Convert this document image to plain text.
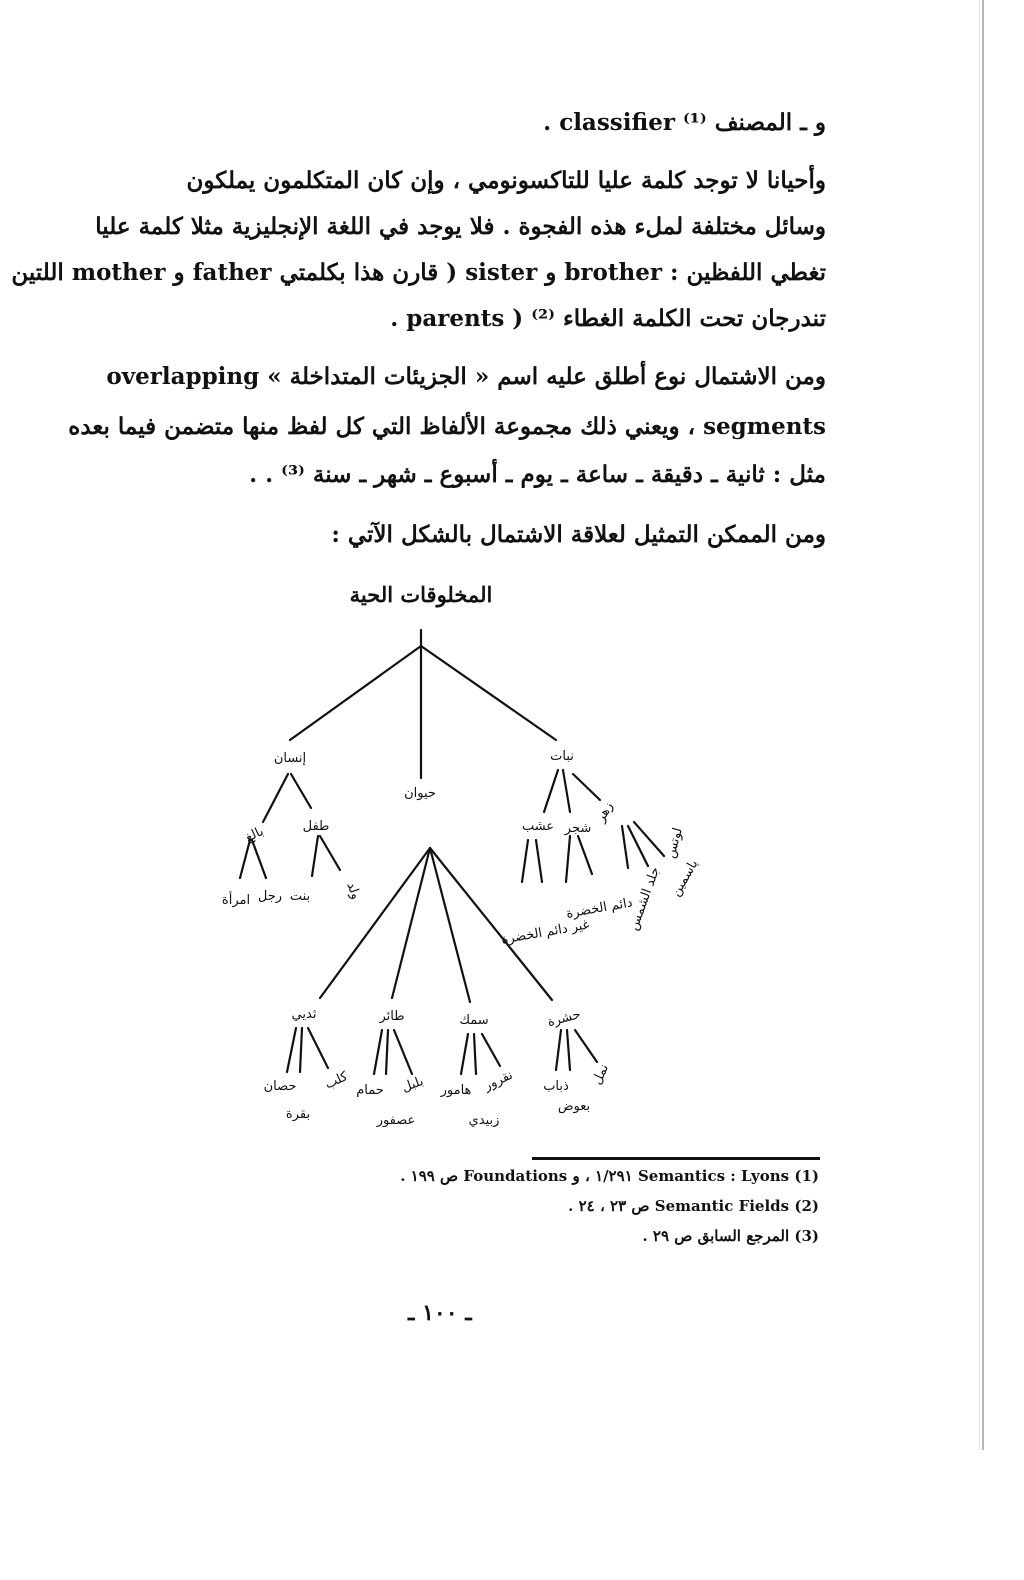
و ـ المصنف classifier ⁽¹⁾ .
وأحيانا لا توجد كلمة عليا للتاكسونومي ، وإن كان المتكلمون يملكون
وسائل مختلفة لملء هذه الفجوة . فلا يوجد في اللغة الإنجليزية مثلا كلمة عليا
تغطي اللفظين : brother و sister ( قارن هذا بكلمتي father و mother اللتين
تندرجان تحت الكلمة الغطاء parents ) ⁽²⁾ .
ومن الاشتمال نوع أطلق عليه اسم « الجزيئات المتداخلة » overlapping
segments ، ويعني ذلك مجموعة الألفاظ التي كل لفظ منها متضمن فيما بعده
مثل : ثانية ـ دقيقة ـ ساعة ـ يوم ـ أسبوع ـ شهر ـ سنة ⁽³⁾ . .
ومن الممكن التمثيل لعلاقة الاشتمال بالشكل الآتي :
المخلوقات الحية
إنسان
حيوان
نبات
بالغ	طفل
امرأة رجل بنت	ولد
عشب شجر
زهر
دائم الخضرة
غير دائم الخضرة
ياسمين
جلد الشمس
لوتس
ثديي	طائر	سمك	حشرة
حصان
بقرة
كلب حمام
عصفور
بلبل هامور
زبيدي
نقرور ذباب
بعوض
نمل
(1) Semantics : Lyons ١/٢٩١ ، و Foundations ص ١٩٩ .
(2) Semantic Fields ص ٢٣ ، ٢٤ .
(3) المرجع السابق ص ٢٩ .
ـ ١٠٠ ـ
